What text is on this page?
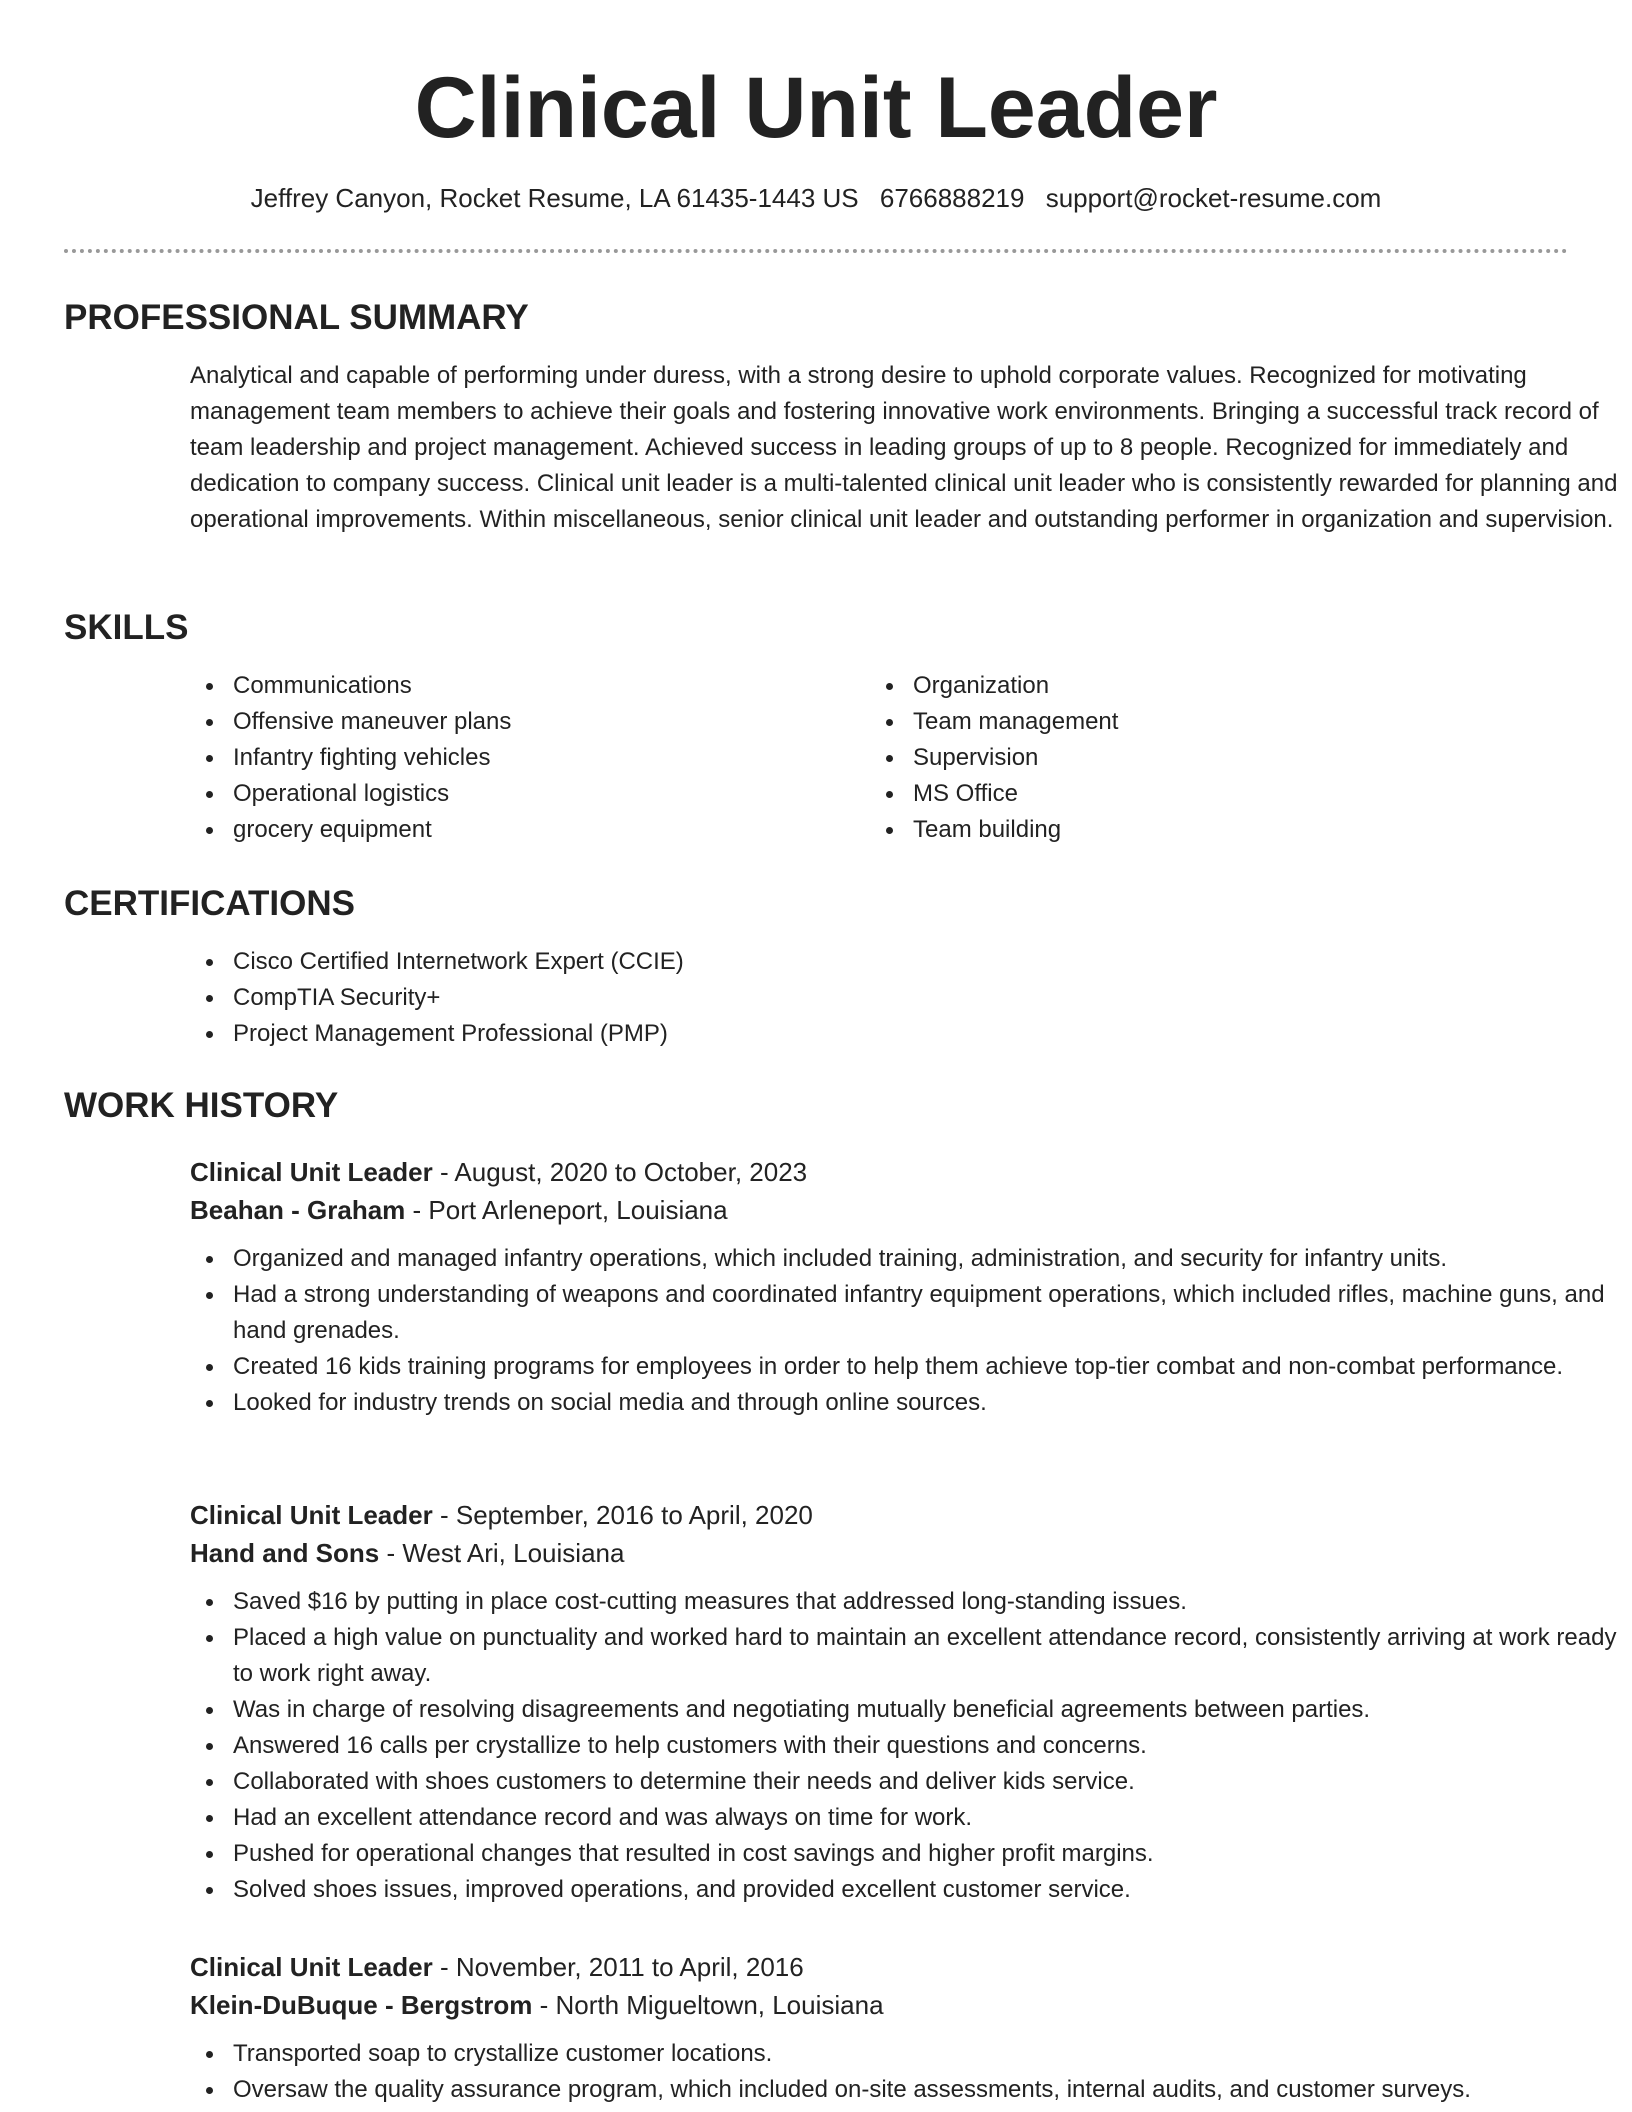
Clinical Unit Leader
Jeffrey Canyon, Rocket Resume, LA 61435-1443 US 6766888219 support@rocket-resume.com
PROFESSIONAL SUMMARY
Analytical and capable of performing under duress, with a strong desire to uphold corporate values. Recognized for motivating management team members to achieve their goals and fostering innovative work environments. Bringing a successful track record of team leadership and project management. Achieved success in leading groups of up to 8 people. Recognized for immediately and dedication to company success. Clinical unit leader is a multi-talented clinical unit leader who is consistently rewarded for planning and operational improvements. Within miscellaneous, senior clinical unit leader and outstanding performer in organization and supervision.
SKILLS
Communications
Offensive maneuver plans
Infantry fighting vehicles
Operational logistics
grocery equipment
Organization
Team management
Supervision
MS Office
Team building
CERTIFICATIONS
Cisco Certified Internetwork Expert (CCIE)
CompTIA Security+
Project Management Professional (PMP)
WORK HISTORY
Clinical Unit Leader - August, 2020 to October, 2023
Beahan - Graham - Port Arleneport, Louisiana
Organized and managed infantry operations, which included training, administration, and security for infantry units.
Had a strong understanding of weapons and coordinated infantry equipment operations, which included rifles, machine guns, and hand grenades.
Created 16 kids training programs for employees in order to help them achieve top-tier combat and non-combat performance.
Looked for industry trends on social media and through online sources.
Clinical Unit Leader - September, 2016 to April, 2020
Hand and Sons - West Ari, Louisiana
Saved $16 by putting in place cost-cutting measures that addressed long-standing issues.
Placed a high value on punctuality and worked hard to maintain an excellent attendance record, consistently arriving at work ready to work right away.
Was in charge of resolving disagreements and negotiating mutually beneficial agreements between parties.
Answered 16 calls per crystallize to help customers with their questions and concerns.
Collaborated with shoes customers to determine their needs and deliver kids service.
Had an excellent attendance record and was always on time for work.
Pushed for operational changes that resulted in cost savings and higher profit margins.
Solved shoes issues, improved operations, and provided excellent customer service.
Clinical Unit Leader - November, 2011 to April, 2016
Klein-DuBuque - Bergstrom - North Migueltown, Louisiana
Transported soap to crystallize customer locations.
Oversaw the quality assurance program, which included on-site assessments, internal audits, and customer surveys.
